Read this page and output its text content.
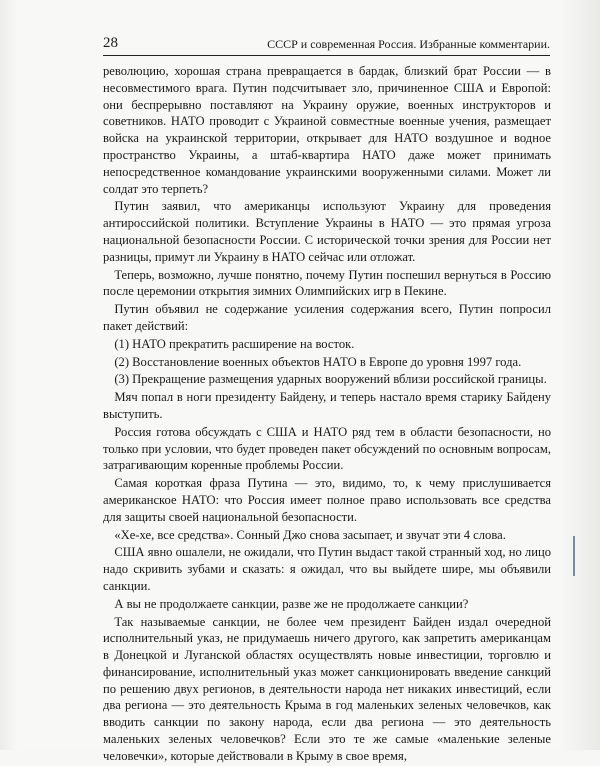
28	СССР и современная Россия. Избранные комментарии.

революцию, хорошая страна превращается в бардак, близкий брат России — в несовместимого врага. Путин подсчитывает зло, причиненное США и Европой: они беспрерывно поставляют на Украину оружие, военных инструкторов и советников. НАТО проводит с Украиной совместные военные учения, размещает войска на украинской территории, открывает для НАТО воздушное и водное пространство Украины, а штаб-квартира НАТО даже может принимать непосредственное командование украинскими вооруженными силами. Может ли солдат это терпеть?

Путин заявил, что американцы используют Украину для проведения антироссийской политики. Вступление Украины в НАТО — это прямая угроза национальной безопасности России. С исторической точки зрения для России нет разницы, примут ли Украину в НАТО сейчас или отложат.

Теперь, возможно, лучше понятно, почему Путин поспешил вернуться в Россию после церемонии открытия зимних Олимпийских игр в Пекине.

Путин объявил не содержание усиления содержания всего, Путин попросил пакет действий:

(1) НАТО прекратить расширение на восток.

(2) Восстановление военных объектов НАТО в Европе до уровня 1997 года.

(3) Прекращение размещения ударных вооружений вблизи российской границы.

Мяч попал в ноги президенту Байдену, и теперь настало время старику Байдену выступить.

Россия готова обсуждать с США и НАТО ряд тем в области безопасности, но только при условии, что будет проведен пакет обсуждений по основным вопросам, затрагивающим коренные проблемы России.

Самая короткая фраза Путина — это, видимо, то, к чему прислушивается американское НАТО: что Россия имеет полное право использовать все средства для защиты своей национальной безопасности.

«Хе-хе, все средства». Сонный Джо снова засыпает, и звучат эти 4 слова.

США явно ошалели, не ожидали, что Путин выдаст такой странный ход, но лицо надо скривить зубами и сказать: я ожидал, что вы выйдете шире, мы объявили санкции.

А вы не продолжаете санкции, разве же не продолжаете санкции?

Так называемые санкции, не более чем президент Байден издал очередной исполнительный указ, не придумаешь ничего другого, как запретить американцам в Донецкой и Луганской областях осуществлять новые инвестиции, торговлю и финансирование, исполнительный указ может санкционировать введение санкций по решению двух регионов, в деятельности народа нет никаких инвестиций, если два региона — это деятельность Крыма в год маленьких зеленых человечков, как вводить санкции по закону народа, если два региона — это деятельность маленьких зеленых человечков? Если это те же самые «маленькие зеленые человечки», которые действовали в Крыму в свое время,
